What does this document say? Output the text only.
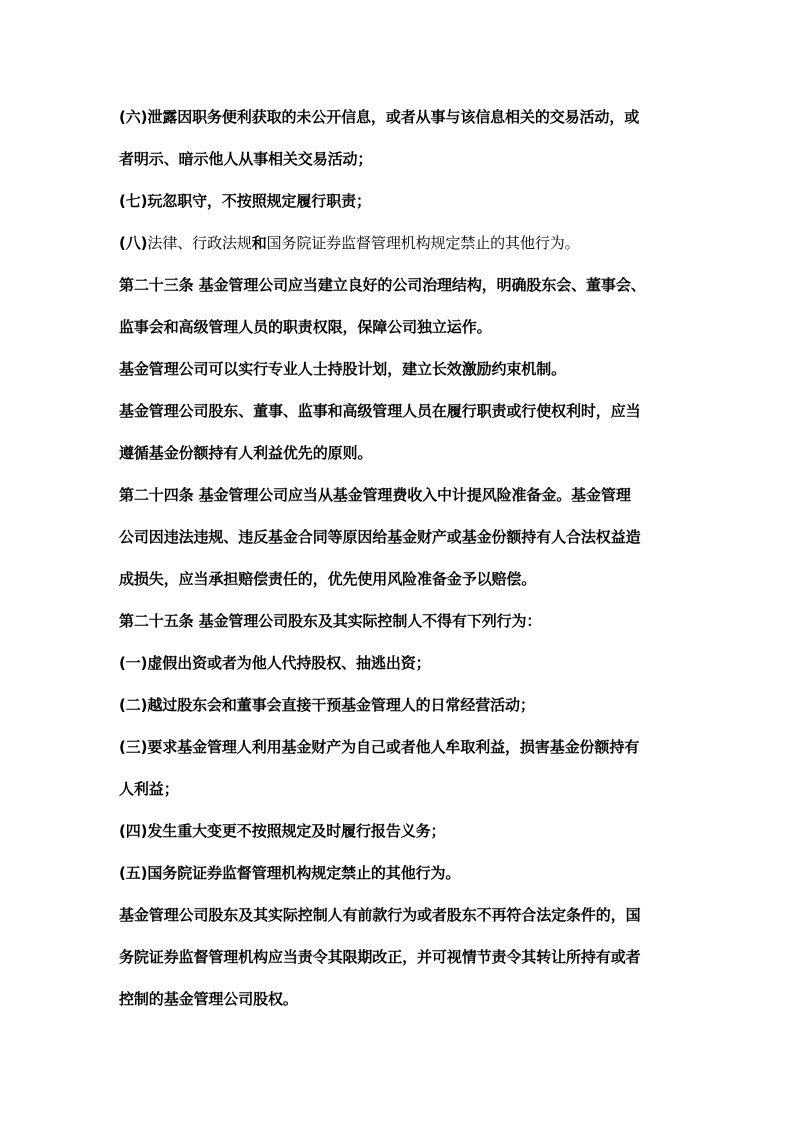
(六)泄露因职务便利获取的未公开信息，或者从事与该信息相关的交易活动，或
者明示、暗示他人从事相关交易活动；
(七)玩忽职守，不按照规定履行职责；
(八)法律、行政法规和国务院证券监督管理机构规定禁止的其他行为。
第二十三条 基金管理公司应当建立良好的公司治理结构，明确股东会、董事会、
监事会和高级管理人员的职责权限，保障公司独立运作。
基金管理公司可以实行专业人士持股计划，建立长效激励约束机制。
基金管理公司股东、董事、监事和高级管理人员在履行职责或行使权利时，应当
遵循基金份额持有人利益优先的原则。
第二十四条 基金管理公司应当从基金管理费收入中计提风险准备金。基金管理
公司因违法违规、违反基金合同等原因给基金财产或基金份额持有人合法权益造
成损失，应当承担赔偿责任的，优先使用风险准备金予以赔偿。
第二十五条 基金管理公司股东及其实际控制人不得有下列行为：
(一)虚假出资或者为他人代持股权、抽逃出资；
(二)越过股东会和董事会直接干预基金管理人的日常经营活动；
(三)要求基金管理人利用基金财产为自己或者他人牟取利益，损害基金份额持有
人利益；
(四)发生重大变更不按照规定及时履行报告义务；
(五)国务院证券监督管理机构规定禁止的其他行为。
基金管理公司股东及其实际控制人有前款行为或者股东不再符合法定条件的，国
务院证券监督管理机构应当责令其限期改正，并可视情节责令其转让所持有或者
控制的基金管理公司股权。
